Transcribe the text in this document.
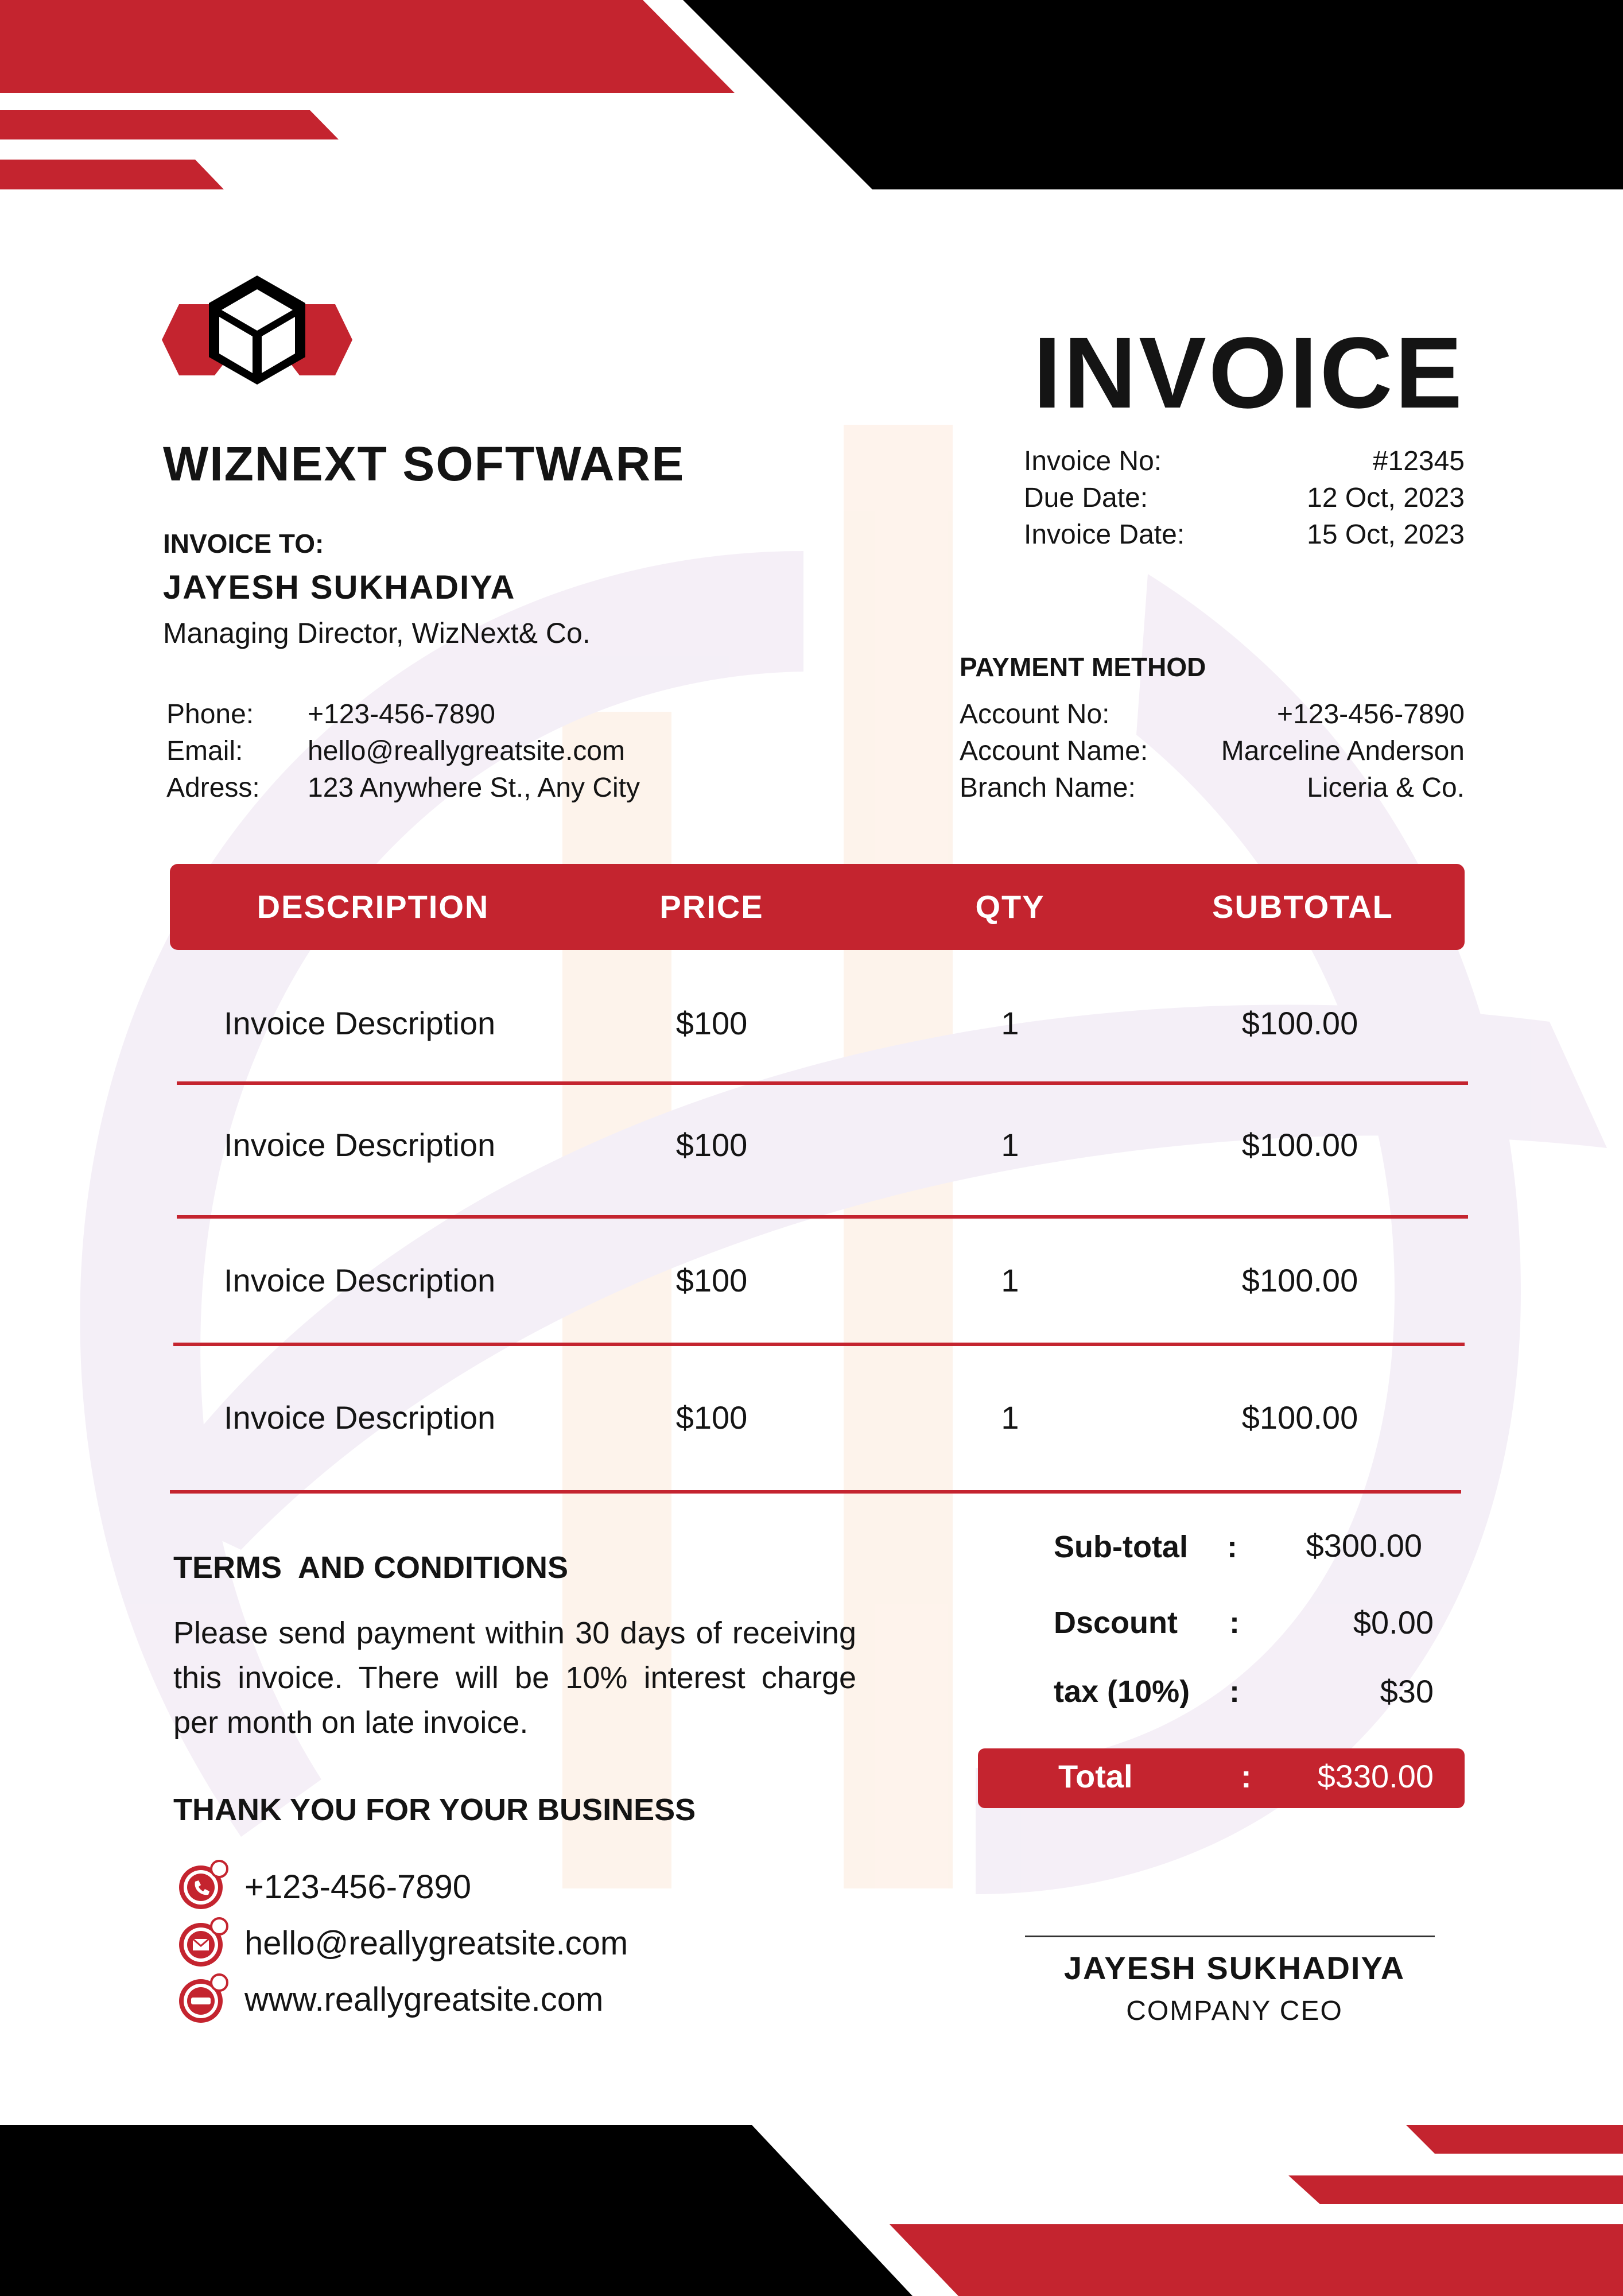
WIZNEXT SOFTWARE
INVOICE
Invoice No:	#12345
Due Date:	12 Oct, 2023
Invoice Date:	15 Oct, 2023
INVOICE TO:
JAYESH SUKHADIYA
Managing Director, WizNext& Co.
Phone: +123-456-7890
Email: hello@reallygreatsite.com
Adress: 123 Anywhere St., Any City
PAYMENT METHOD
Account No:	+123-456-7890
Account Name:	Marceline Anderson
Branch Name:	Liceria & Co.
DESCRIPTION	PRICE	QTY	SUBTOTAL
Invoice Description	$100	1	$100.00
Invoice Description	$100	1	$100.00
Invoice Description	$100	1	$100.00
Invoice Description	$100	1	$100.00
TERMS  AND CONDITIONS
Please send payment within 30 days of receiving this invoice. There will be 10% interest charge per month on late invoice.
THANK YOU FOR YOUR BUSINESS
+123-456-7890
hello@reallygreatsite.com
www.reallygreatsite.com
Sub-total : $300.00
Dscount :	$0.00
tax (10%) :	$30
Total	: $330.00
JAYESH SUKHADIYA
COMPANY CEO
